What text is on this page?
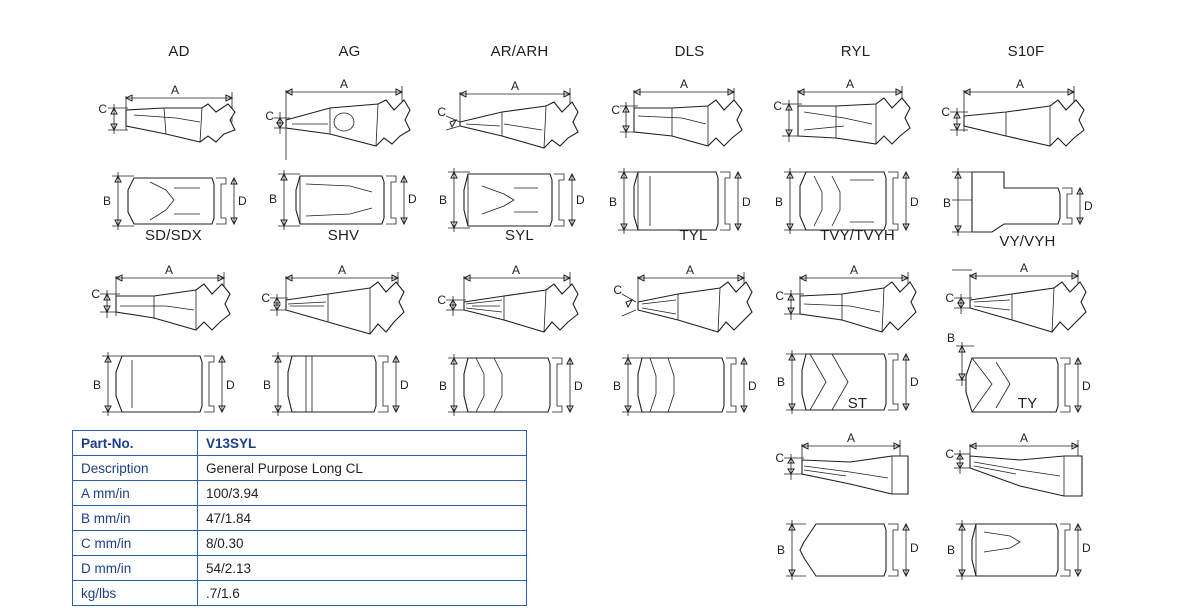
AD
A
C
B	D
AG
A
C
B	D
AR/ARH
A
C
B	D
DLS
A
C
B	D
RYL
A
C
B	D
S10F
A
C
B	D
SD/SDX
A
C
B	D
SHV
A
C
B	D
SYL
A
C
B	D
TYL
A
C
B	D
TVY/TVYH
A
C
B	D
VY/VYH
A
C
B
D
ST
A
C
B	D
TY
A
C
B	D
Part-No.	V13SYL
Description	General Purpose Long CL
A mm/in	100/3.94
B mm/in	47/1.84
C mm/in	8/0.30
D mm/in	54/2.13
kg/lbs	.7/1.6
